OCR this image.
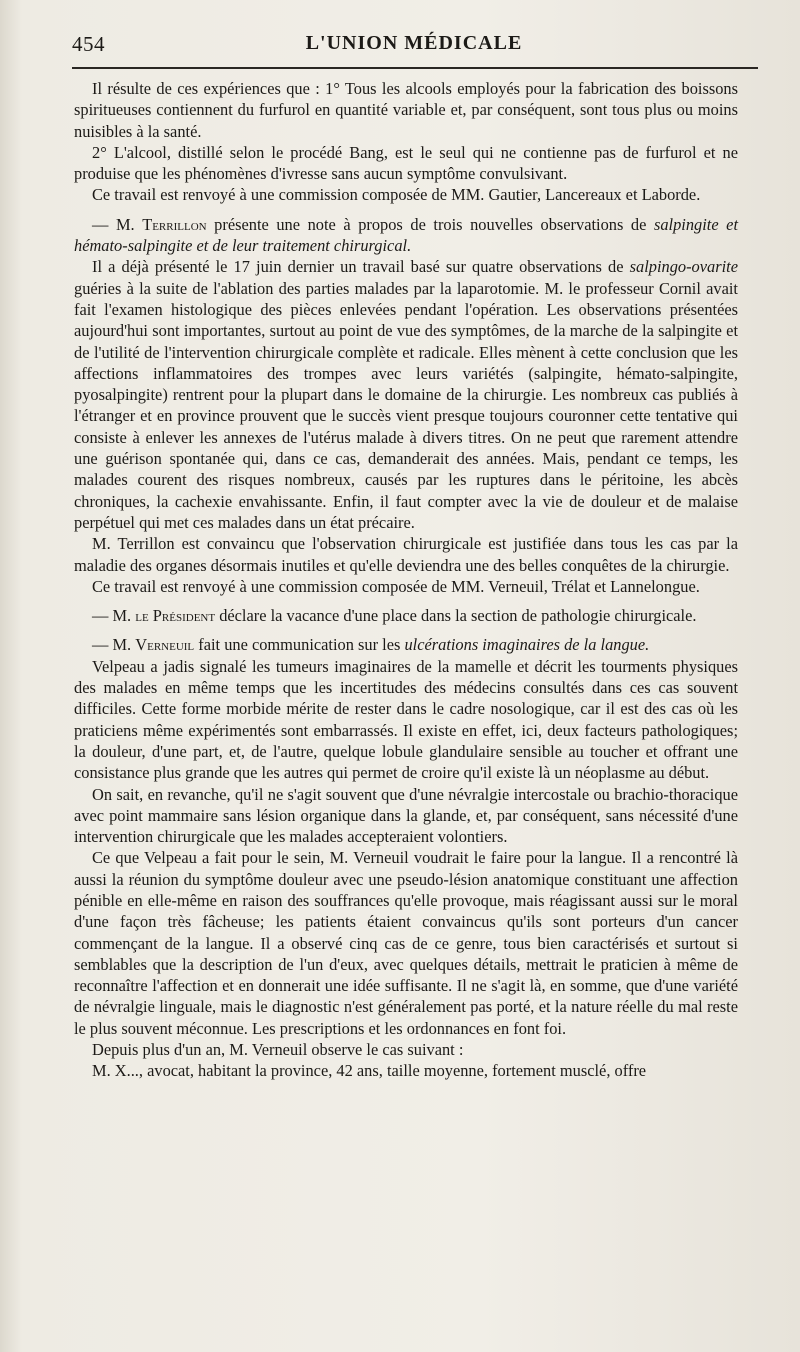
454	L'UNION MÉDICALE

Il résulte de ces expériences que : 1° Tous les alcools employés pour la fabrication des boissons spiritueuses contiennent du furfurol en quantité variable et, par conséquent, sont tous plus ou moins nuisibles à la santé.

2° L'alcool, distillé selon le procédé Bang, est le seul qui ne contienne pas de furfurol et ne produise que les phénomènes d'ivresse sans aucun symptôme convulsivant.

Ce travail est renvoyé à une commission composée de MM. Gautier, Lancereaux et Laborde.

— M. Terrillon présente une note à propos de trois nouvelles observations de salpingite et hémato-salpingite et de leur traitement chirurgical.

Il a déjà présenté le 17 juin dernier un travail basé sur quatre observations de salpingo-ovarite guéries à la suite de l'ablation des parties malades par la laparotomie. M. le professeur Cornil avait fait l'examen histologique des pièces enlevées pendant l'opération. Les observations présentées aujourd'hui sont importantes, surtout au point de vue des symptômes, de la marche de la salpingite et de l'utilité de l'intervention chirurgicale complète et radicale. Elles mènent à cette conclusion que les affections inflammatoires des trompes avec leurs variétés (salpingite, hémato-salpingite, pyosalpingite) rentrent pour la plupart dans le domaine de la chirurgie. Les nombreux cas publiés à l'étranger et en province prouvent que le succès vient presque toujours couronner cette tentative qui consiste à enlever les annexes de l'utérus malade à divers titres. On ne peut que rarement attendre une guérison spontanée qui, dans ce cas, demanderait des années. Mais, pendant ce temps, les malades courent des risques nombreux, causés par les ruptures dans le péritoine, les abcès chroniques, la cachexie envahissante. Enfin, il faut compter avec la vie de douleur et de malaise perpétuel qui met ces malades dans un état précaire.

M. Terrillon est convaincu que l'observation chirurgicale est justifiée dans tous les cas par la maladie des organes désormais inutiles et qu'elle deviendra une des belles conquêtes de la chirurgie.

Ce travail est renvoyé à une commission composée de MM. Verneuil, Trélat et Lannelongue.

— M. le Président déclare la vacance d'une place dans la section de pathologie chirurgicale.

— M. Verneuil fait une communication sur les ulcérations imaginaires de la langue.

Velpeau a jadis signalé les tumeurs imaginaires de la mamelle et décrit les tourments physiques des malades en même temps que les incertitudes des médecins consultés dans ces cas souvent difficiles. Cette forme morbide mérite de rester dans le cadre nosologique, car il est des cas où les praticiens même expérimentés sont embarrassés. Il existe en effet, ici, deux facteurs pathologiques; la douleur, d'une part, et, de l'autre, quelque lobule glandulaire sensible au toucher et offrant une consistance plus grande que les autres qui permet de croire qu'il existe là un néoplasme au début.

On sait, en revanche, qu'il ne s'agit souvent que d'une névralgie intercostale ou brachio-thoracique avec point mammaire sans lésion organique dans la glande, et, par conséquent, sans nécessité d'une intervention chirurgicale que les malades accepteraient volontiers.

Ce que Velpeau a fait pour le sein, M. Verneuil voudrait le faire pour la langue. Il a rencontré là aussi la réunion du symptôme douleur avec une pseudo-lésion anatomique constituant une affection pénible en elle-même en raison des souffrances qu'elle provoque, mais réagissant aussi sur le moral d'une façon très fâcheuse; les patients étaient convaincus qu'ils sont porteurs d'un cancer commençant de la langue. Il a observé cinq cas de ce genre, tous bien caractérisés et surtout si semblables que la description de l'un d'eux, avec quelques détails, mettrait le praticien à même de reconnaître l'affection et en donnerait une idée suffisante. Il ne s'agit là, en somme, que d'une variété de névralgie linguale, mais le diagnostic n'est généralement pas porté, et la nature réelle du mal reste le plus souvent méconnue. Les prescriptions et les ordonnances en font foi.

Depuis plus d'un an, M. Verneuil observe le cas suivant :

M. X..., avocat, habitant la province, 42 ans, taille moyenne, fortement musclé, offre
